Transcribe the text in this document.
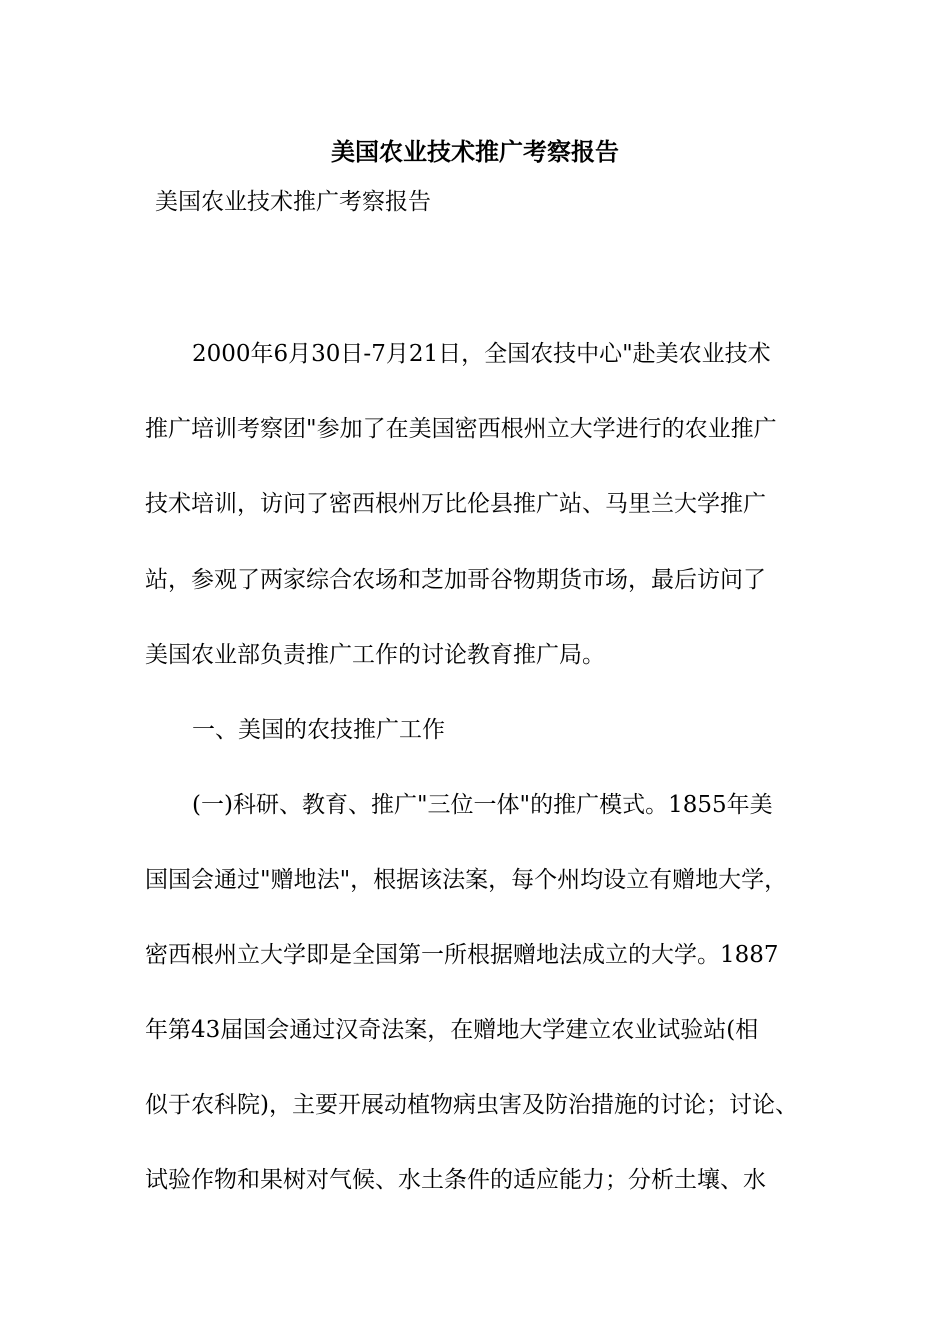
美国农业技术推广考察报告

美国农业技术推广考察报告

2000年6月30日-7月21日，全国农技中心"赴美农业技术

推广培训考察团"参加了在美国密西根州立大学进行的农业推广

技术培训，访问了密西根州万比伦县推广站、马里兰大学推广

站，参观了两家综合农场和芝加哥谷物期货市场，最后访问了

美国农业部负责推广工作的讨论教育推广局。

一、美国的农技推广工作

(一)科研、教育、推广"三位一体"的推广模式。1855年美

国国会通过"赠地法"，根据该法案，每个州均设立有赠地大学，

密西根州立大学即是全国第一所根据赠地法成立的大学。1887

年第43届国会通过汉奇法案，在赠地大学建立农业试验站(相

似于农科院)，主要开展动植物病虫害及防治措施的讨论；讨论、

试验作物和果树对气候、水土条件的适应能力；分析土壤、水
